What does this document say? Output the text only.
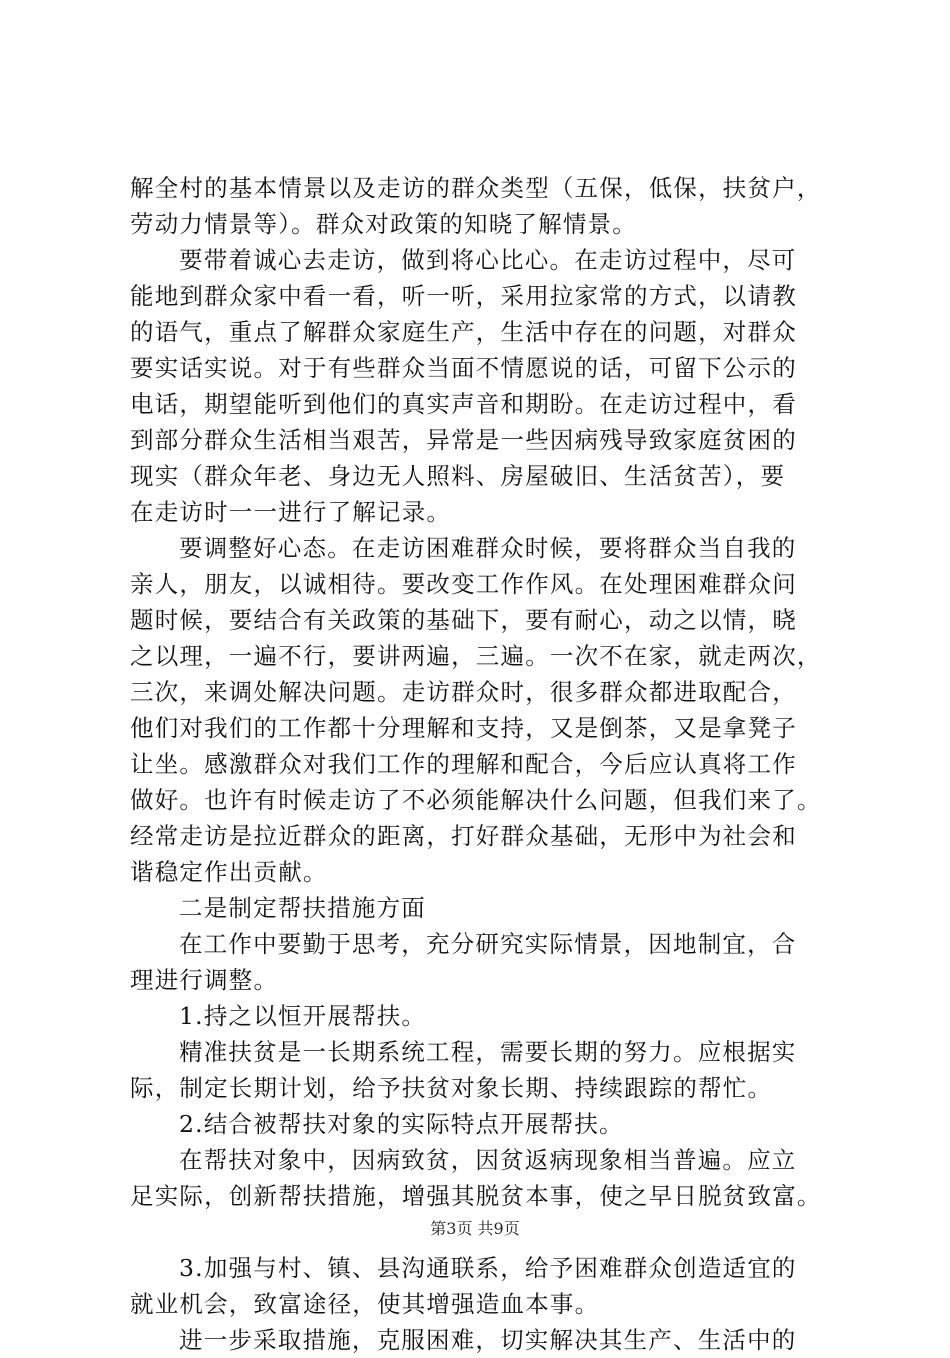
解全村的基本情景以及走访的群众类型（五保，低保，扶贫户，
劳动力情景等）。群众对政策的知晓了解情景。
要带着诚心去走访，做到将心比心。在走访过程中，尽可
能地到群众家中看一看，听一听，采用拉家常的方式，以请教
的语气，重点了解群众家庭生产，生活中存在的问题，对群众
要实话实说。对于有些群众当面不情愿说的话，可留下公示的
电话，期望能听到他们的真实声音和期盼。在走访过程中，看
到部分群众生活相当艰苦，异常是一些因病残导致家庭贫困的
现实（群众年老、身边无人照料、房屋破旧、生活贫苦），要
在走访时一一进行了解记录。
要调整好心态。在走访困难群众时候，要将群众当自我的
亲人，朋友，以诚相待。要改变工作作风。在处理困难群众问
题时候，要结合有关政策的基础下，要有耐心，动之以情，晓
之以理，一遍不行，要讲两遍，三遍。一次不在家，就走两次，
三次，来调处解决问题。走访群众时，很多群众都进取配合，
他们对我们的工作都十分理解和支持，又是倒茶，又是拿凳子
让坐。感激群众对我们工作的理解和配合，今后应认真将工作
做好。也许有时候走访了不必须能解决什么问题，但我们来了。
经常走访是拉近群众的距离，打好群众基础，无形中为社会和
谐稳定作出贡献。
二是制定帮扶措施方面
在工作中要勤于思考，充分研究实际情景，因地制宜，合
理进行调整。
1.持之以恒开展帮扶。
精准扶贫是一长期系统工程，需要长期的努力。应根据实
际，制定长期计划，给予扶贫对象长期、持续跟踪的帮忙。
2.结合被帮扶对象的实际特点开展帮扶。
在帮扶对象中，因病致贫，因贫返病现象相当普遍。应立
足实际，创新帮扶措施，增强其脱贫本事，使之早日脱贫致富。
3.加强与村、镇、县沟通联系，给予困难群众创造适宜的
就业机会，致富途径，使其增强造血本事。
进一步采取措施，克服困难，切实解决其生产、生活中的
第3页 共9页
